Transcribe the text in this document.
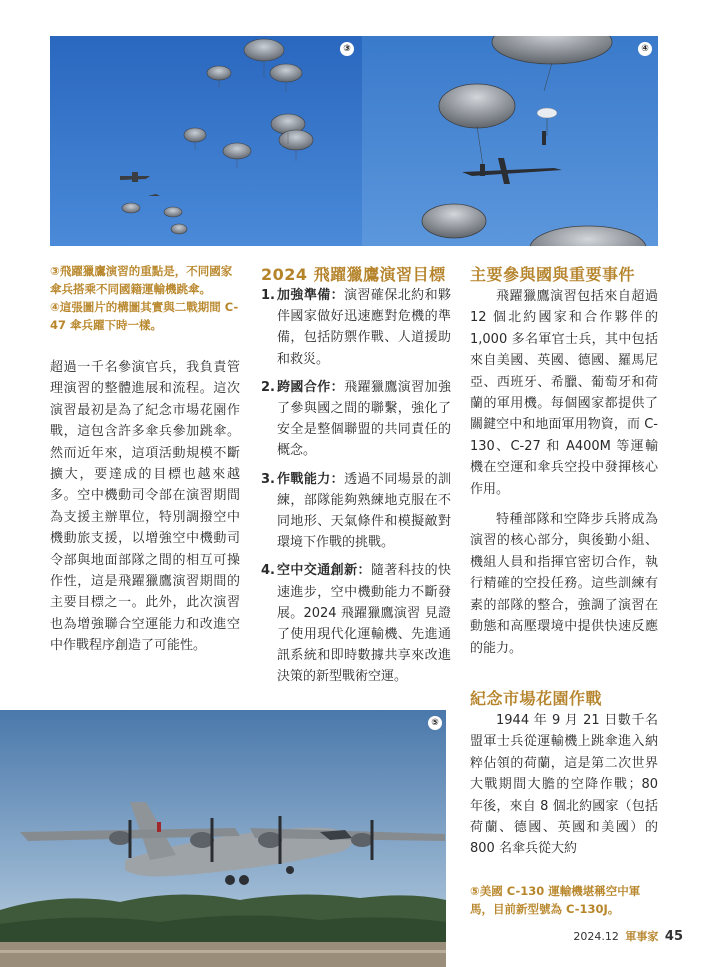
③	④
③飛躍獵鷹演習的重點是，不同國家傘兵搭乘不同國籍運輸機跳傘。
④這張圖片的構圖其實與二戰期間 C-47 傘兵躍下時一樣。

超過一千名參演官兵，我負責管理演習的整體進展和流程。這次演習最初是為了紀念市場花園作戰，這包含許多傘兵參加跳傘。然而近年來，這項活動規模不斷擴大，要達成的目標也越來越多。空中機動司令部在演習期間為支援主辦單位，特別調撥空中機動旅支援，以增強空中機動司令部與地面部隊之間的相互可操作性，這是飛躍獵鷹演習期間的主要目標之一。此外，此次演習也為增強聯合空運能力和改進空中作戰程序創造了可能性。

2024 飛躍獵鷹演習目標
1. 加強準備：演習確保北約和夥伴國家做好迅速應對危機的準備，包括防禦作戰、人道援助和救災。
2. 跨國合作：飛躍獵鷹演習加強了參與國之間的聯繫，強化了安全是整個聯盟的共同責任的概念。
3. 作戰能力：透過不同場景的訓練，部隊能夠熟練地克服在不同地形、天氣條件和模擬敵對環境下作戰的挑戰。
4. 空中交通創新：隨著科技的快速進步，空中機動能力不斷發展。2024 飛躍獵鷹演習 見證了使用現代化運輸機、先進通訊系統和即時數據共享來改進決策的新型戰術空運。
主要參與國與重要事件

飛躍獵鷹演習包括來自超過 12 個北約國家和合作夥伴的 1,000 多名軍官士兵，其中包括來自美國、英國、德國、羅馬尼亞、西班牙、希臘、葡萄牙和荷蘭的軍用機。每個國家都提供了關鍵空中和地面軍用物資，而 C-130、C-27 和 A400M 等運輸機在空運和傘兵空投中發揮核心作用。

特種部隊和空降步兵將成為演習的核心部分，與後勤小組、機組人員和指揮官密切合作，執行精確的空投任務。這些訓練有素的部隊的整合，強調了演習在動態和高壓環境中提供快速反應的能力。

紀念市場花園作戰

1944 年 9 月 21 日數千名盟軍士兵從運輸機上跳傘進入納粹佔領的荷蘭，這是第二次世界大戰期間大膽的空降作戰；80 年後，來自 8 個北約國家（包括荷蘭、德國、英國和美國）的 800 名傘兵從大約

⑤
⑤美國 C-130 運輸機堪稱空中軍馬，目前新型號為 C-130J。
2024.12 軍事家 45
